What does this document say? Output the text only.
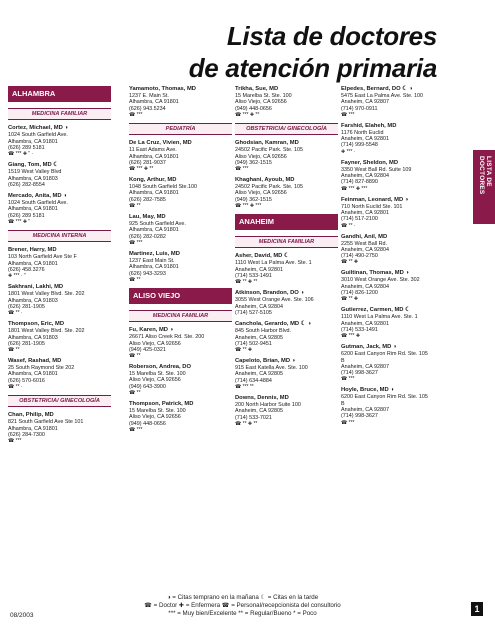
Lista de doctores
de atención primaria
ALHAMBRA
MEDICINA FAMILIAR
Cortez, Michael, MD ◑
1024 South Garfield Ave.
Alhambra, CA 91801
(626) 289 5181
☎ *** ✚ " ·
Giang, Tom, MD ☾
1519 West Valley Blvd
Alhambra, CA 91803
(626) 282-8554
Mercado, Anita, MD ◑
1024 South Garfield Ave.
Alhambra, CA 91801
(626) 289 5181
☎ *** ✚ "
MEDICINA INTERNA
Brener, Harry, MD
103 North Garfield Ave Ste F
Alhambra, CA 91801
(626) 458.3276
✚ *** · "
Sakhrani, Lakhi, MD
1801 West Valley Blvd. Ste. 202
Alhambra, CA 91803
(626) 281-1905
☎ ** ·
Thompson, Eric, MD
1801 West Valley Blvd. Ste. 202
Alhambra, CA 91803
(626) 281-1905
☎ **
Wasef, Rashad, MD
25 South Raymond Ste 202
Alhambra, CA 91801
(626) 570-6016
☎ ** ·
OBSTETRICIA/ GINECOLOGÍA
Chan, Philip, MD
821 South Garfield Ave Ste 101
Alhambra, CA 91801
(626) 284-7300
☎ ***
Yamamoto, Thomas, MD
1237 E. Main St.
Alhambra, CA 91801
(626) 943.5234
☎ ***
PEDIATRÍA
De La Cruz, Vivien, MD
11 East Adams Ave.
Alhambra, CA 91801
(626) 281-9037
☎ *** ✚ **
Kong, Arthur, MD
1048 South Garfield Ste.100
Alhambra, CA 91801
(626) 282-7585
☎ **
Lau, May, MD
925 South Garfield Ave.
Alhambra, CA 91801
(626) 282-0282
☎ ***
Martinez, Luis, MD
1237 East Main St.
Alhambra, CA 91801
(626) 943-3293
☎ **
ALISO VIEJO
MEDICINA FAMILIAR
Fu, Karen, MD ◑
26671 Aliso Creek Rd. Ste. 200
Aliso Viejo, CA 92656
(949) 425-0321
☎ **
Roberson, Andrea, DO
15 Marelba St. Ste. 100
Aliso Viejo, CA 92656
(949) 643-3900
☎ **
Thompson, Patrick, MD
15 Marelba St. Ste. 100
Aliso Viejo, CA 92656
(949) 448-0656
☎ ***
Trikha, Sue, MD
15 Marelba St. Ste. 100
Aliso Viejo, CA 92656
(949) 448-0656
☎ *** ✚ **
OBSTETRICIA/ GINECOLOGÍA
Ghodsian, Kamran, MD
24502 Pacific Park. Ste. 105
Aliso Viejo, CA 92656
(949) 362-1515
☎ ***
Khaghani, Ayoub, MD
24502 Pacific Park. Ste. 105
Aliso Viejo, CA 92656
(949) 362-1515
☎ *** ✚ ***
ANAHEIM
MEDICINA FAMILIAR
Asher, David, MD ☾
1110 West La Palma Ave. Ste. 1
Anaheim, CA 92801
(714) 533-1491
☎ ** ✚ **
Atkinson, Brandon, DO ◑
3055 West Orange Ave. Ste. 106
Anaheim, CA 92804
(714) 527-5105
Canchola, Gerardo, MD ☾ ◑
845 South Harbor Blvd.
Anaheim, CA 92805
(714) 502-9451
☎ ** ✚
Capeloto, Brian, MD ◑
915 East Katella Ave. Ste. 100
Anaheim, CA 92805
(714) 634-4884
☎ *** **
Downs, Dennis, MD
200 North Harbor Suite 100
Anaheim, CA 92805
(714) 533-7021
☎ ** ✚ **
Elpedes, Bernard, DO ☾ ◑
5475 East La Palma Ave. Ste. 100
Anaheim, CA 92807
(714) 970-0911
☎ ***
Farshid, Elaheh, MD
1176 North Euclid
Anaheim, CA 92801
(714) 999-5548
✚ *** ·
Fayner, Sheldon, MD
3350 West Ball Rd. Suite 109
Anaheim, CA 92804
(714) 827-8890
☎ *** ✚ ***
Feinman, Leonard, MD ◑
710 North Euclid Ste. 101
Anaheim, CA 92801
(714) 517-2100
☎ ** ·
Gandhi, Anil, MD
2255 West Ball Rd.
Anaheim, CA 92804
(714) 490-2750
☎ ** ✚
Guiltinan, Thomas, MD ◑
3010 West Orange Ave. Ste. 302
Anaheim, CA 92804
(714) 826-1200
☎ ** ✚
Gutierrez, Carmen, MD ☾
1110 West La Palma Ave. Ste. 1
Anaheim, CA 92801
(714) 533-1491
☎ *** ✚
Gutman, Jack, MD ◑
6200 East Canyon Rim Rd. Ste. 105
B
Anaheim, CA 92807
(714) 998-3627
☎ ***
Hoyle, Bruce, MD ◑
6200 East Canyon Rim Rd. Ste. 105
B
Anaheim, CA 92807
(714) 998-3627
☎ ***
LISTA DE DOCTORES
◑ = Citas temprano en la mañana ☾ = Citas en la tarde
☎ = Doctor ✚ = Enfermera ☎ = Personal/recepcionista del consultorio
*** = Muy bien/Excelente ** = Regular/Bueno * = Poco
08/2003
1
